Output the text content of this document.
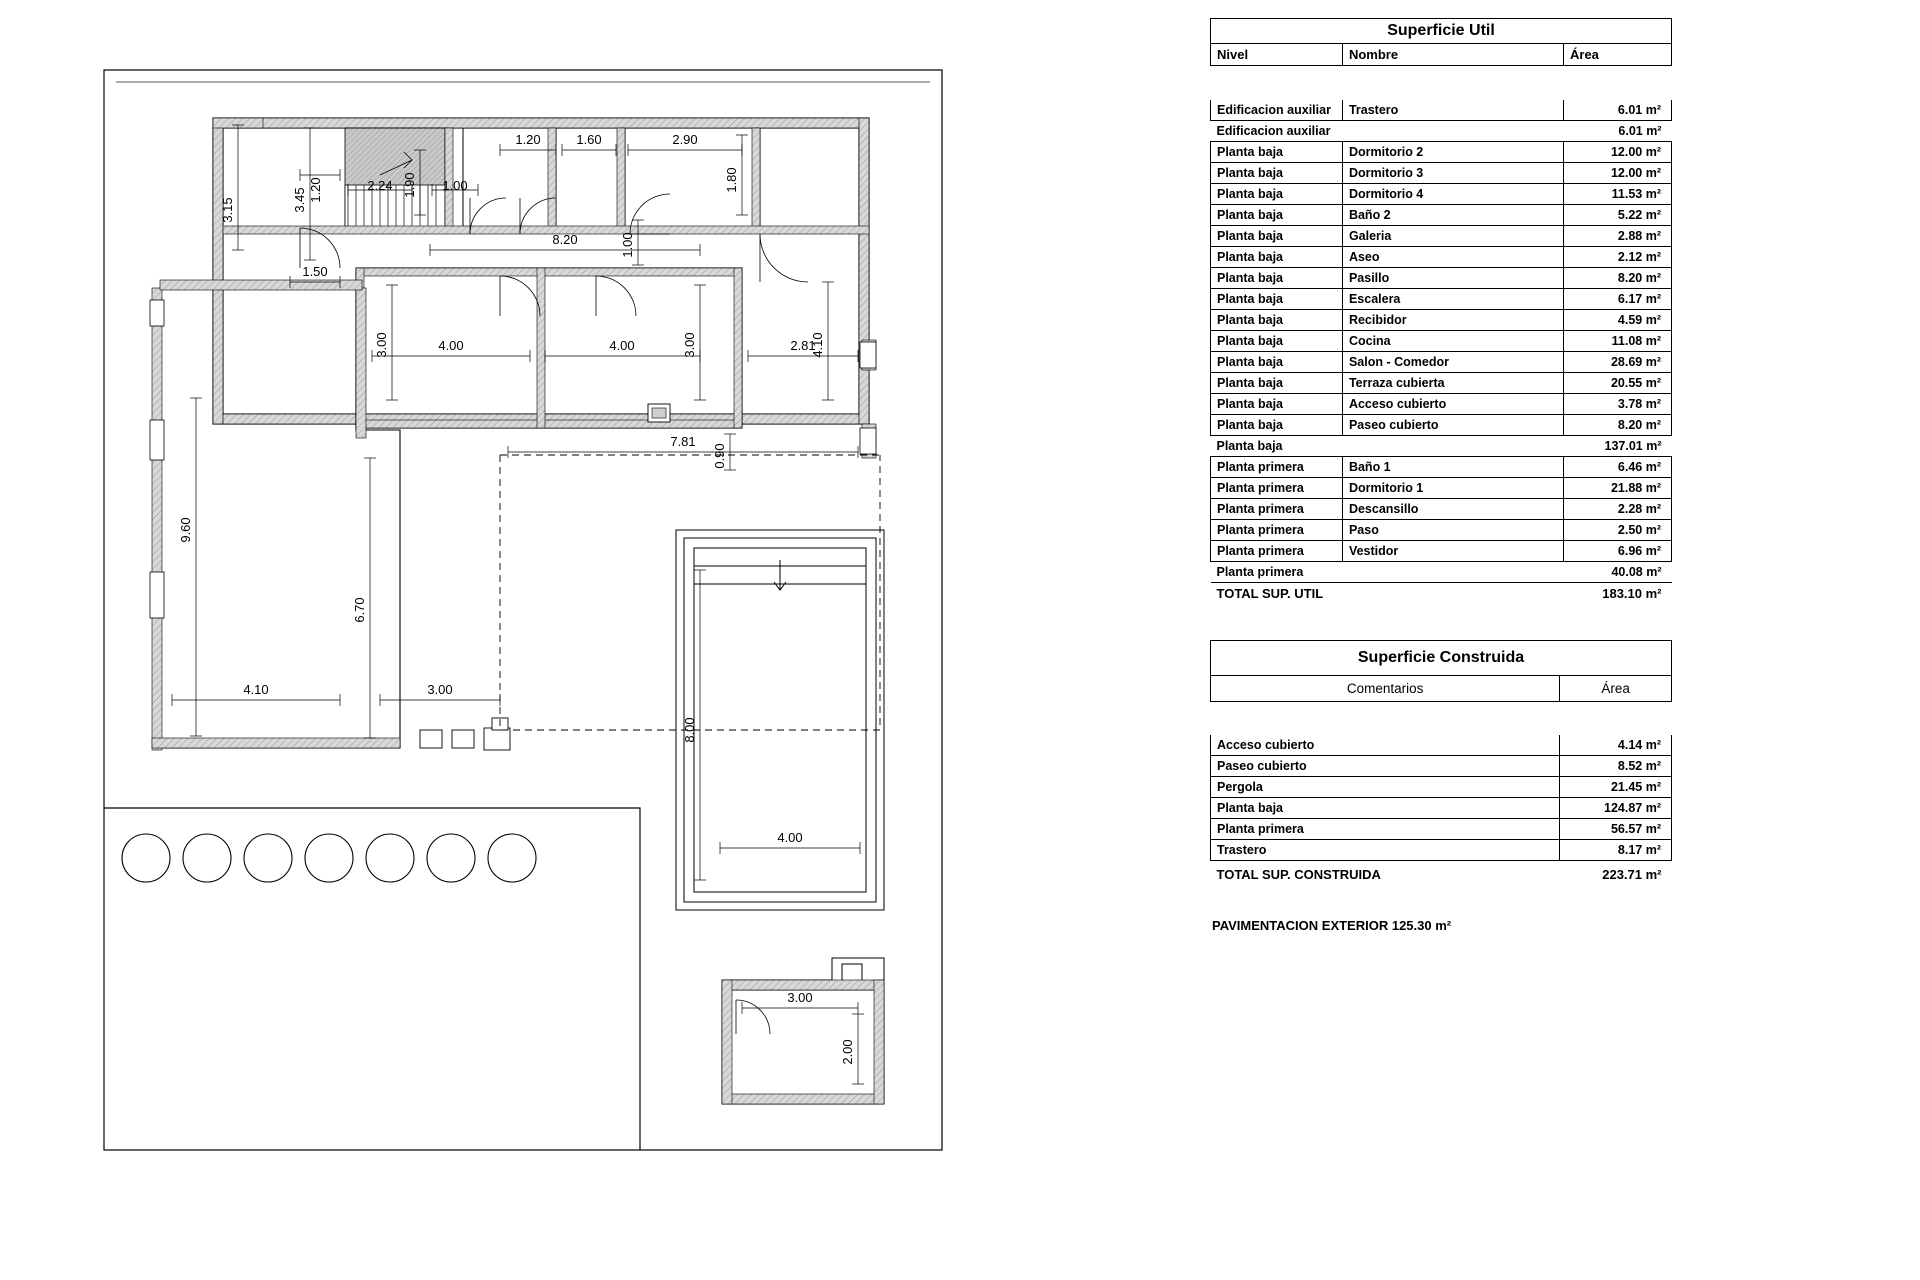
3.15	3.45
9.60
6.70
3.00	3.00	4.10
1.80
1.00
1.90
0.90
8.00
2.00
1.20
8.20
1.20	1.60	2.90
1.50
4.00	4.00	2.81
7.81
4.10	3.00
4.00
3.00
2.24	1.00
Superficie Util		
Nivel	Nombre	Área

Edificacion auxiliar	Trastero	6.01 m²
Edificacion auxiliar		6.01 m²
Planta baja	Dormitorio 2	12.00 m²
Planta baja	Dormitorio 3	12.00 m²
Planta baja	Dormitorio 4	11.53 m²
Planta baja	Baño 2	5.22 m²
Planta baja	Galeria	2.88 m²
Planta baja	Aseo	2.12 m²
Planta baja	Pasillo	8.20 m²
Planta baja	Escalera	6.17 m²
Planta baja	Recibidor	4.59 m²
Planta baja	Cocina	11.08 m²
Planta baja	Salon - Comedor	28.69 m²
Planta baja	Terraza cubierta	20.55 m²
Planta baja	Acceso cubierto	3.78 m²
Planta baja	Paseo cubierto	8.20 m²
Planta baja		137.01 m²
Planta primera	Baño 1	6.46 m²
Planta primera	Dormitorio 1	21.88 m²
Planta primera	Descansillo	2.28 m²
Planta primera	Paso	2.50 m²
Planta primera	Vestidor	6.96 m²
Planta primera		40.08 m²
TOTAL SUP. UTIL		183.10 m²
Superficie Construida	
Comentarios	Área

Acceso cubierto	4.14 m²
Paseo cubierto	8.52 m²
Pergola	21.45 m²
Planta baja	124.87 m²
Planta primera	56.57 m²
Trastero	8.17 m²
TOTAL SUP. CONSTRUIDA	223.71 m²
PAVIMENTACION EXTERIOR 125.30 m²
